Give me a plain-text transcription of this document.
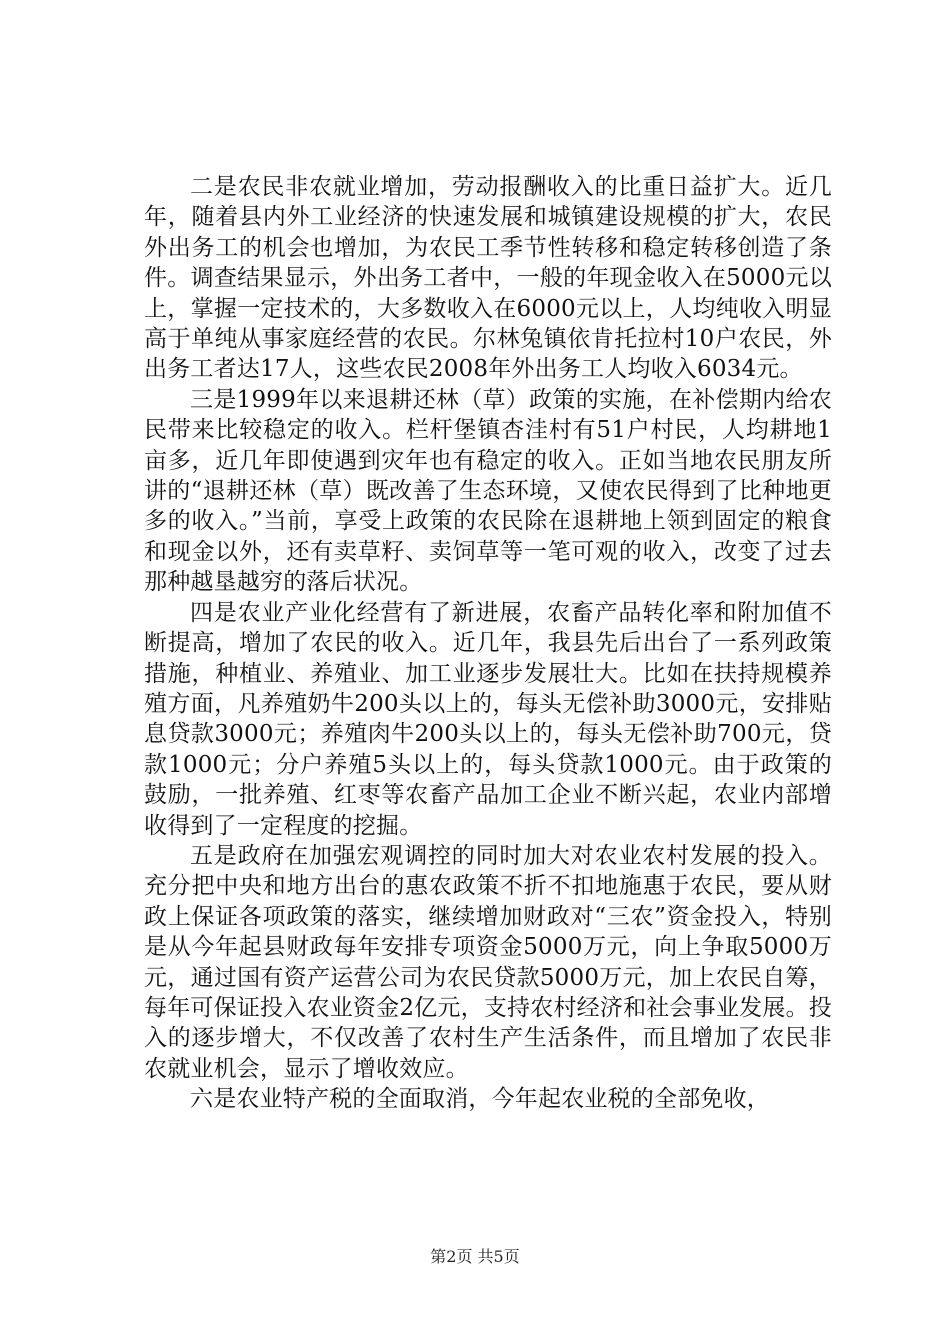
二是农民非农就业增加，劳动报酬收入的比重日益扩大。近几年，随着县内外工业经济的快速发展和城镇建设规模的扩大，农民外出务工的机会也增加，为农民工季节性转移和稳定转移创造了条件。调查结果显示，外出务工者中，一般的年现金收入在5000元以上，掌握一定技术的，大多数收入在6000元以上，人均纯收入明显高于单纯从事家庭经营的农民。尔林兔镇依肯托拉村10户农民，外出务工者达17人，这些农民2008年外出务工人均收入6034元。

三是1999年以来退耕还林（草）政策的实施，在补偿期内给农民带来比较稳定的收入。栏杆堡镇杏洼村有51户村民，人均耕地1亩多，近几年即使遇到灾年也有稳定的收入。正如当地农民朋友所讲的“退耕还林（草）既改善了生态环境，又使农民得到了比种地更多的收入。”当前，享受上政策的农民除在退耕地上领到固定的粮食和现金以外，还有卖草籽、卖饲草等一笔可观的收入，改变了过去那种越垦越穷的落后状况。

四是农业产业化经营有了新进展，农畜产品转化率和附加值不断提高，增加了农民的收入。近几年，我县先后出台了一系列政策措施，种植业、养殖业、加工业逐步发展壮大。比如在扶持规模养殖方面，凡养殖奶牛200头以上的，每头无偿补助3000元，安排贴息贷款3000元；养殖肉牛200头以上的，每头无偿补助700元，贷款1000元；分户养殖5头以上的，每头贷款1000元。由于政策的鼓励，一批养殖、红枣等农畜产品加工企业不断兴起，农业内部增收得到了一定程度的挖掘。

五是政府在加强宏观调控的同时加大对农业农村发展的投入。充分把中央和地方出台的惠农政策不折不扣地施惠于农民，要从财政上保证各项政策的落实，继续增加财政对“三农”资金投入，特别是从今年起县财政每年安排专项资金5000万元，向上争取5000万元，通过国有资产运营公司为农民贷款5000万元，加上农民自筹，每年可保证投入农业资金2亿元，支持农村经济和社会事业发展。投入的逐步增大，不仅改善了农村生产生活条件，而且增加了农民非农就业机会，显示了增收效应。

六是农业特产税的全面取消，今年起农业税的全部免收，

第2页 共5页
